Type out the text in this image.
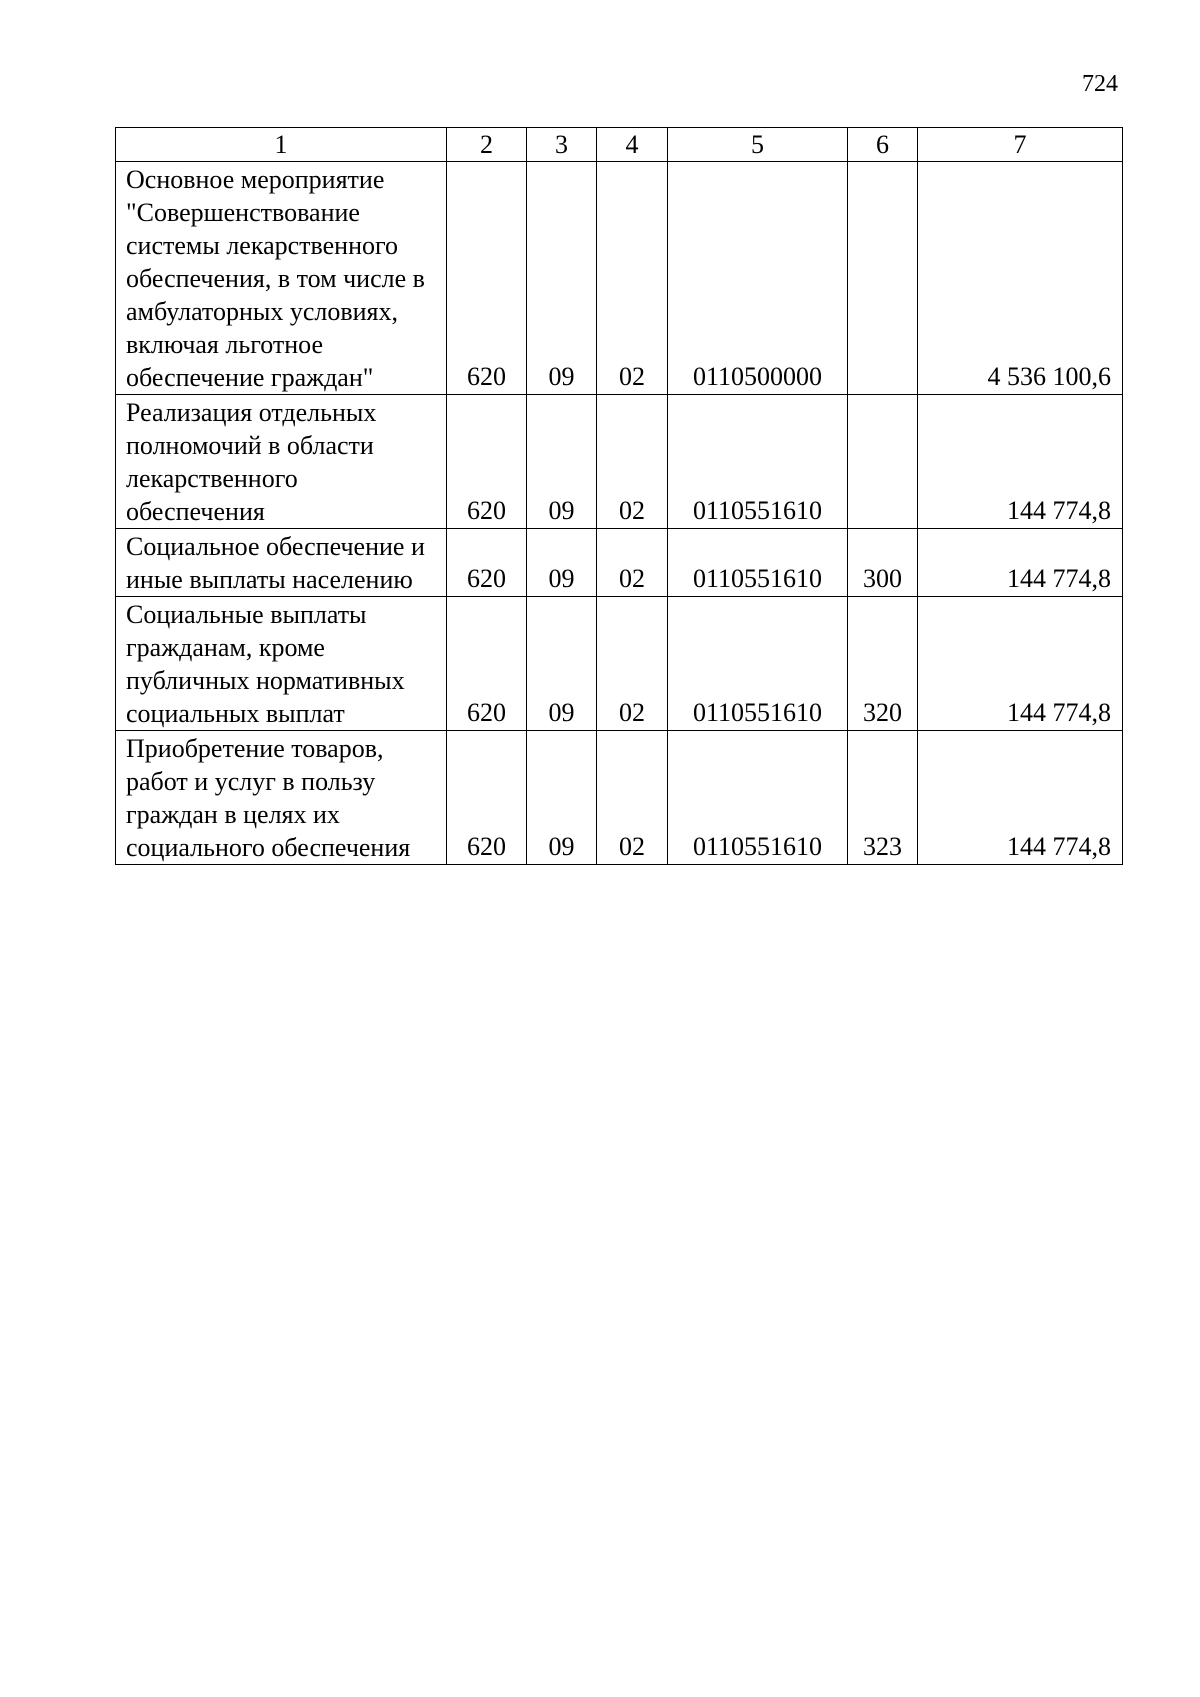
724
1	2	3	4	5	6	7
Основное мероприятие "Совершенствование системы лекарственного обеспечения, в том числе в амбулаторных условиях, включая льготное обеспечение граждан"	620	09	02	0110500000		4 536 100,6
Реализация отдельных полномочий в области лекарственного обеспечения	620	09	02	0110551610		144 774,8
Социальное обеспечение и иные выплаты населению	620	09	02	0110551610	300	144 774,8
Социальные выплаты гражданам, кроме публичных нормативных социальных выплат	620	09	02	0110551610	320	144 774,8
Приобретение товаров, работ и услуг в пользу граждан в целях их социального обеспечения	620	09	02	0110551610	323	144 774,8
